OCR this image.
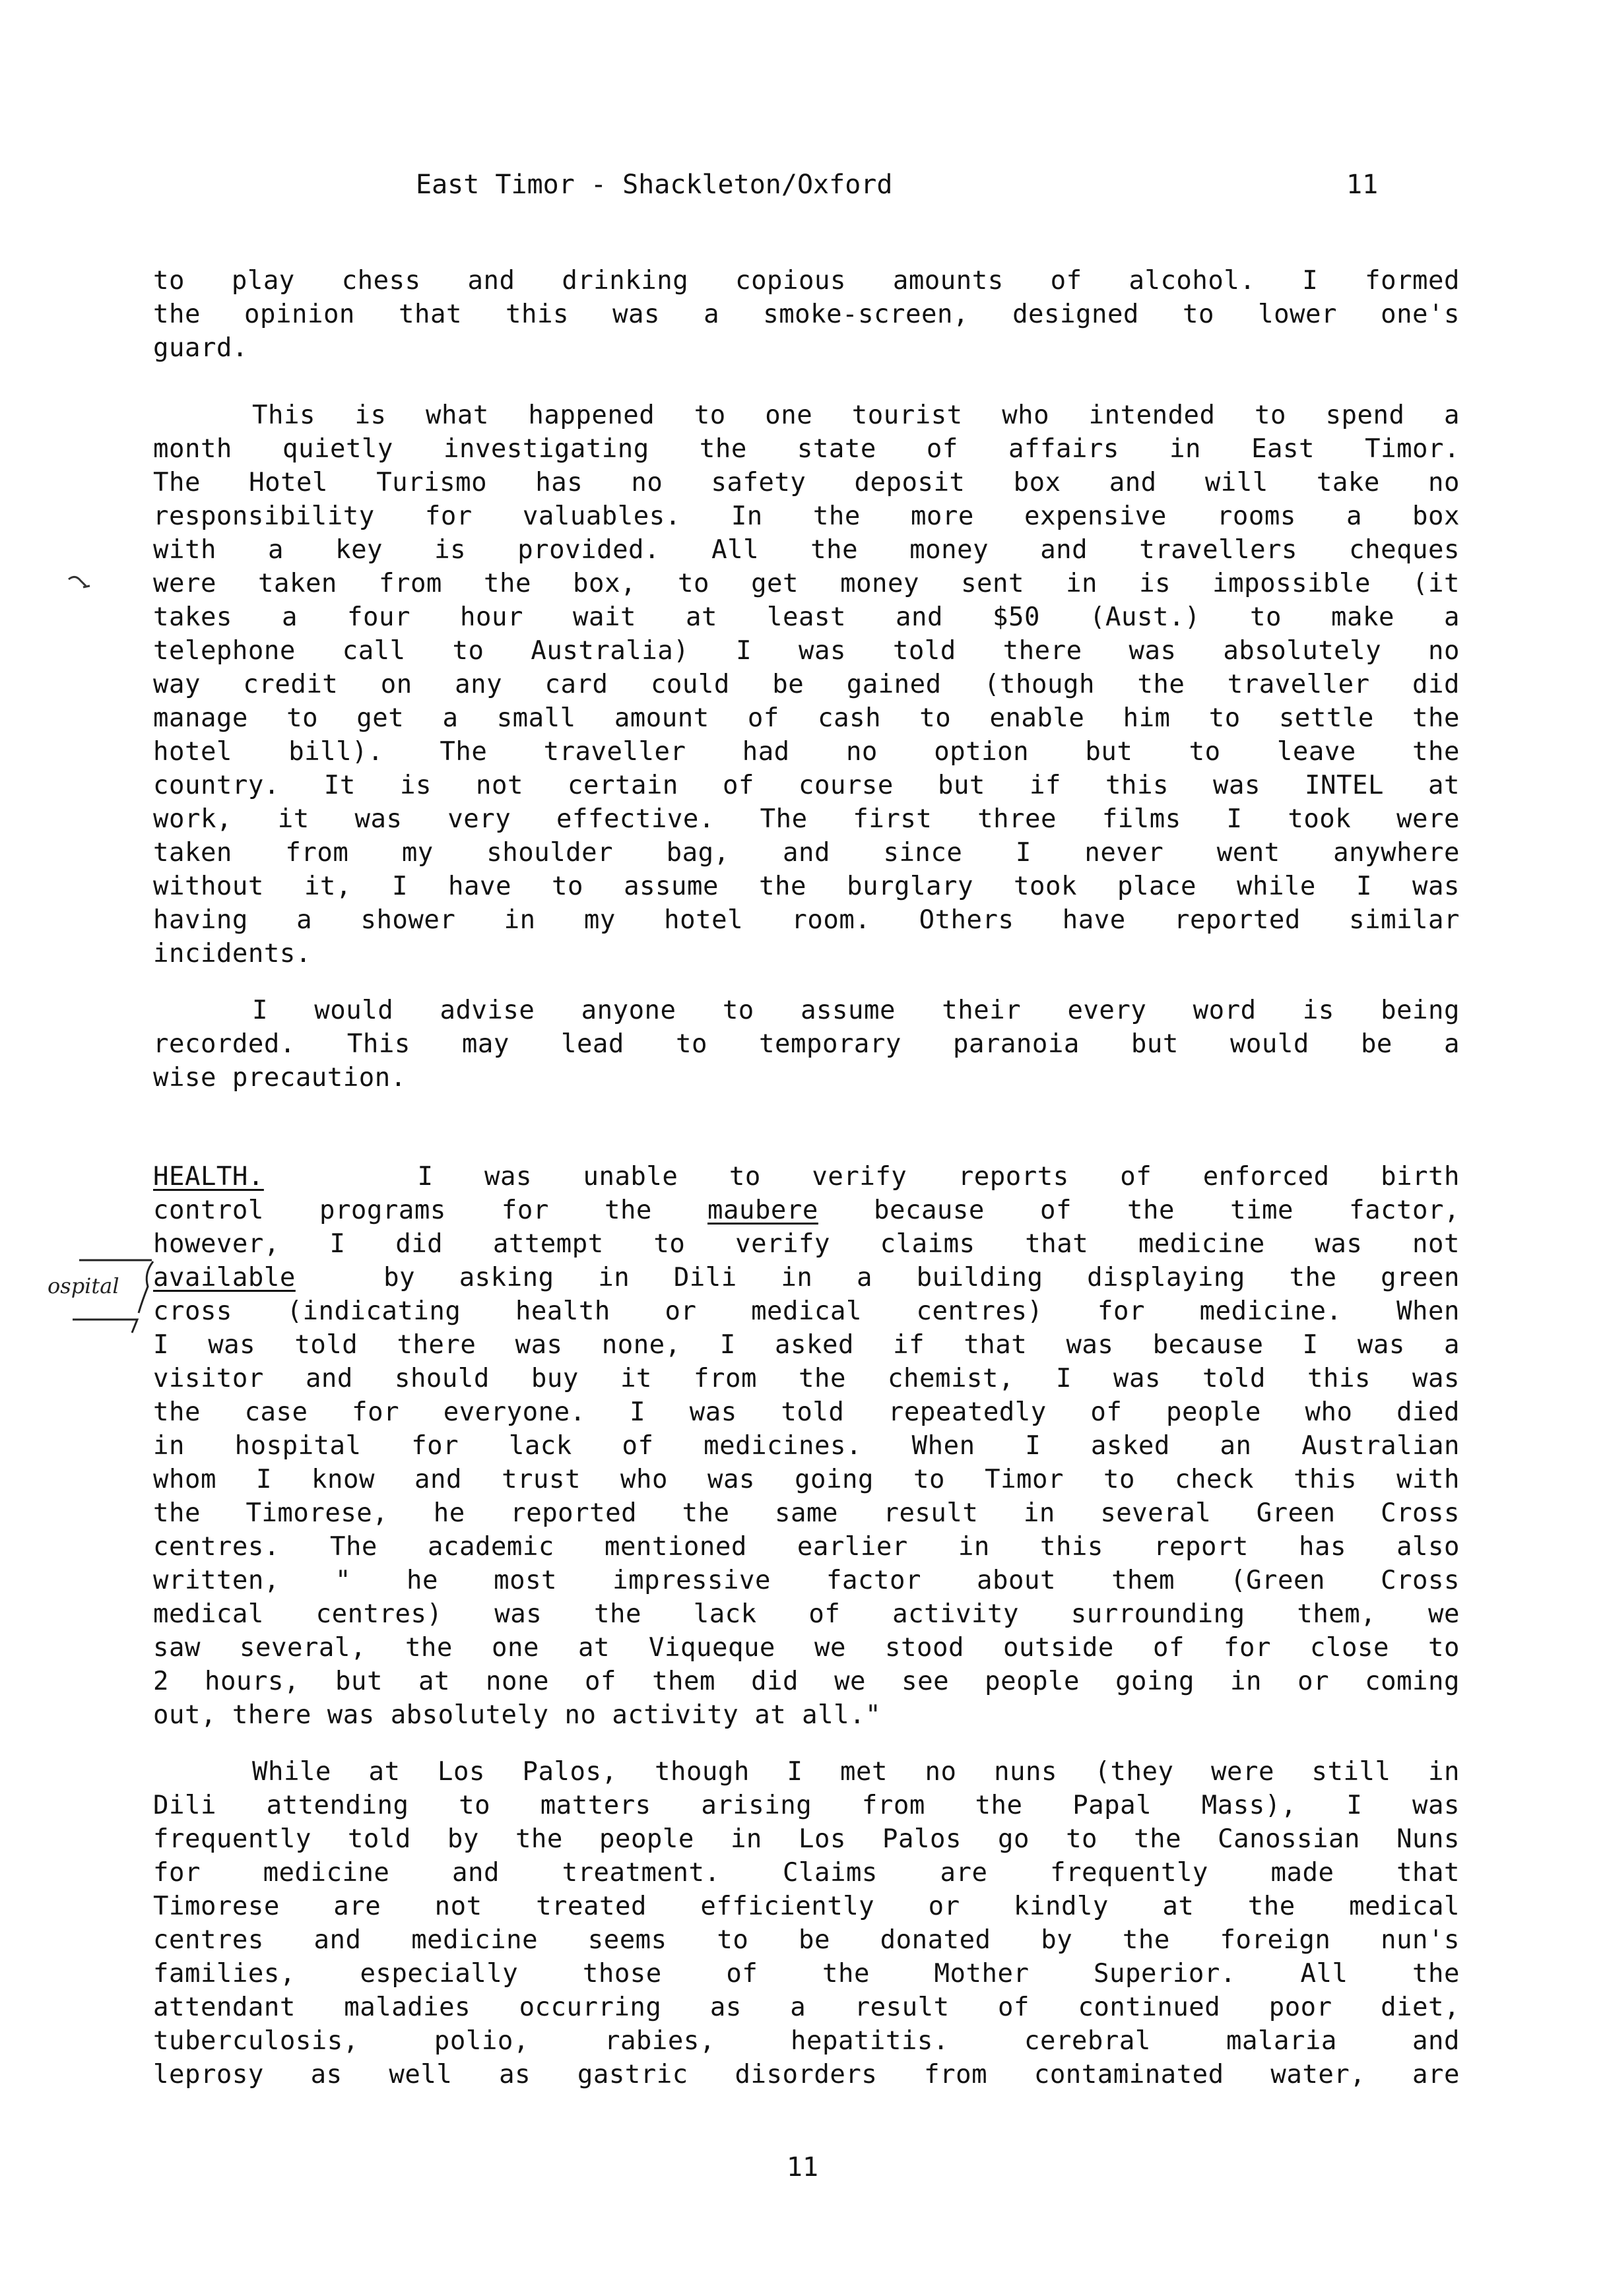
East Timor - Shackleton/Oxford	11

to play chess and drinking copious amounts of alcohol. I formed

the opinion that this was a smoke-screen, designed to lower one's

guard.

This is what happened to one tourist who intended to spend a

month quietly investigating the state of affairs in East Timor.

The Hotel Turismo has no safety deposit box and will take no

responsibility for valuables. In the more expensive rooms a box

with a key is provided. All the money and travellers cheques

were taken from the box, to get money sent in is impossible (it

takes a four hour wait at least and $50 (Aust.) to make a

telephone call to Australia) I was told there was absolutely no

way credit on any card could be gained (though the traveller did

manage to get a small amount of cash to enable him to settle the

hotel bill). The traveller had no option but to leave the

country. It is not certain of course but if this was INTEL at

work, it was very effective. The first three films I took were

taken from my shoulder bag, and since I never went anywhere

without it, I have to assume the burglary took place while I was

having a shower in my hotel room. Others have reported similar

incidents.

I would advise anyone to assume their every word is being

recorded. This may lead to temporary paranoia but would be a

wise precaution.

HEALTH.	I was unable to verify reports of enforced birth

control programs for the maubere because of the time factor,

however, I did attempt to verify claims that medicine was not

available	by asking in Dili in a building displaying the green

cross (indicating health or medical centres) for medicine. When

I was told there was none, I asked if that was because I was a

visitor and should buy it from the chemist, I was told this was

the case for everyone. I was told repeatedly of people who died

in hospital for lack of medicines. When I asked an Australian

whom I know and trust who was going to Timor to check this with

the Timorese, he reported the same result in several Green Cross

centres. The academic mentioned earlier in this report has also

written, " he most impressive factor about them (Green Cross

medical centres) was the lack of activity surrounding them, we

saw several, the one at Viqueque we stood outside of for close to

2 hours, but at none of them did we see people going in or coming

out, there was absolutely no activity at all."

While at Los Palos, though I met no nuns (they were still in

Dili attending to matters arising from the Papal Mass), I was

frequently told by the people in Los Palos go to the Canossian Nuns

for medicine and treatment. Claims are frequently made that

Timorese are not treated efficiently or kindly at the medical

centres and medicine seems to be donated by the foreign nun's

families, especially those of the Mother Superior. All the

attendant maladies occurring as a result of continued poor diet,

tuberculosis, polio, rabies, hepatitis. cerebral malaria and

leprosy as well as gastric disorders from contaminated water, are

ospital
11
